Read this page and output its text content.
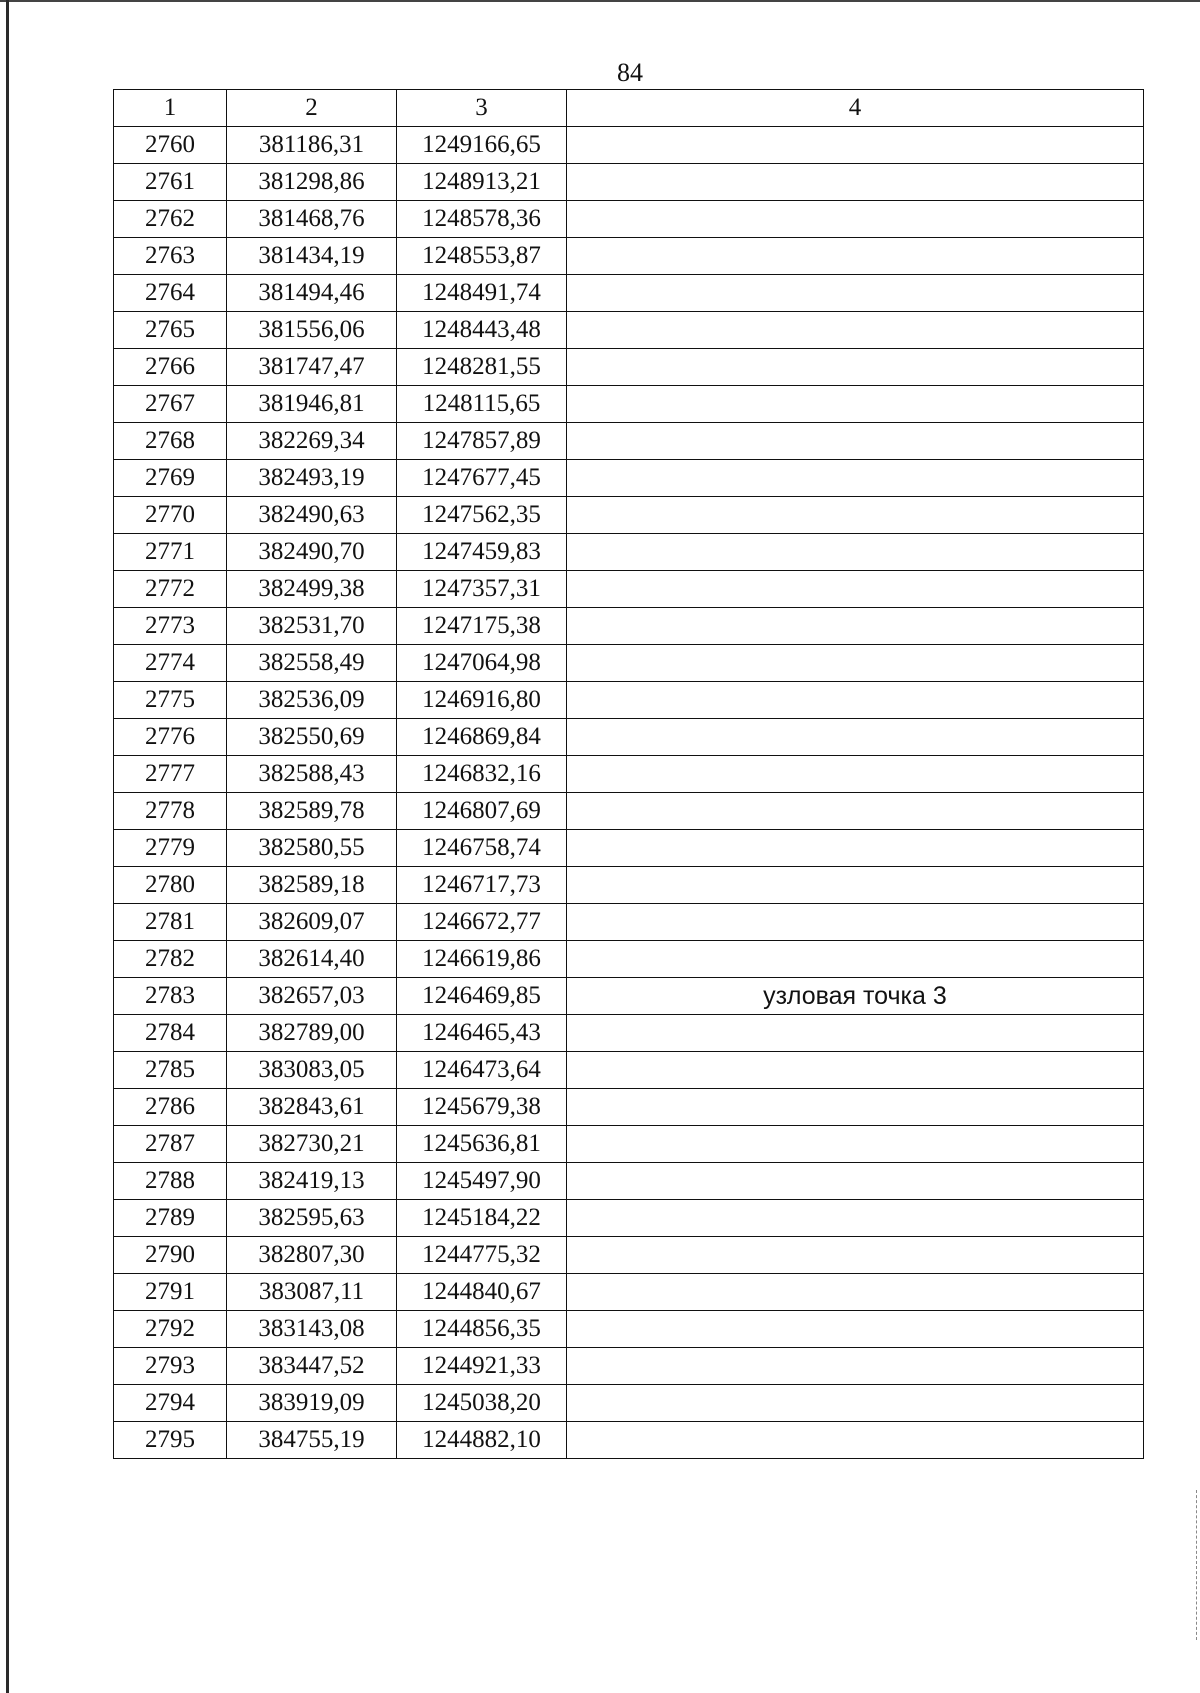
84
1	2	3	4
2760	381186,31	1249166,65	
2761	381298,86	1248913,21	
2762	381468,76	1248578,36	
2763	381434,19	1248553,87	
2764	381494,46	1248491,74	
2765	381556,06	1248443,48	
2766	381747,47	1248281,55	
2767	381946,81	1248115,65	
2768	382269,34	1247857,89	
2769	382493,19	1247677,45	
2770	382490,63	1247562,35	
2771	382490,70	1247459,83	
2772	382499,38	1247357,31	
2773	382531,70	1247175,38	
2774	382558,49	1247064,98	
2775	382536,09	1246916,80	
2776	382550,69	1246869,84	
2777	382588,43	1246832,16	
2778	382589,78	1246807,69	
2779	382580,55	1246758,74	
2780	382589,18	1246717,73	
2781	382609,07	1246672,77	
2782	382614,40	1246619,86	
2783	382657,03	1246469,85	узловая точка 3
2784	382789,00	1246465,43	
2785	383083,05	1246473,64	
2786	382843,61	1245679,38	
2787	382730,21	1245636,81	
2788	382419,13	1245497,90	
2789	382595,63	1245184,22	
2790	382807,30	1244775,32	
2791	383087,11	1244840,67	
2792	383143,08	1244856,35	
2793	383447,52	1244921,33	
2794	383919,09	1245038,20	
2795	384755,19	1244882,10	
